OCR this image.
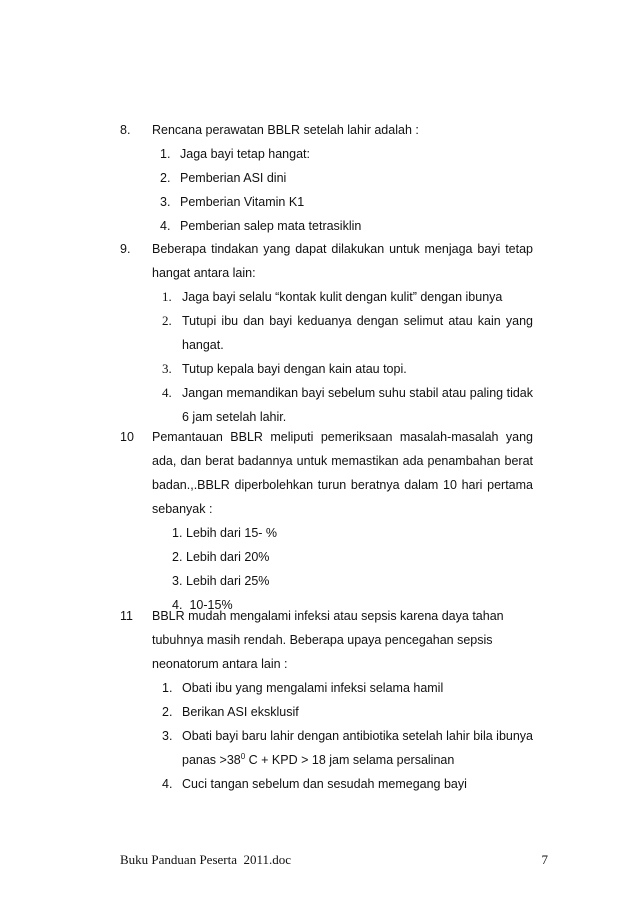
8. Rencana perawatan BBLR setelah lahir adalah :
1. Jaga bayi tetap hangat:
2. Pemberian ASI dini
3. Pemberian Vitamin K1
4. Pemberian salep mata tetrasiklin
9. Beberapa tindakan yang dapat dilakukan untuk menjaga bayi tetap
hangat antara lain:
1. Jaga bayi selalu “kontak kulit dengan kulit” dengan ibunya
2. Tutupi ibu dan bayi keduanya dengan selimut atau kain yang hangat.
3. Tutup kepala bayi dengan kain atau topi.
4. Jangan memandikan bayi sebelum suhu stabil atau paling tidak 6 jam setelah lahir.
10 Pemantauan BBLR meliputi pemeriksaan masalah-masalah yang ada, dan berat badannya untuk memastikan ada penambahan berat badan.,.BBLR diperbolehkan turun beratnya dalam 10 hari pertama sebanyak :
1. Lebih dari 15- %
2. Lebih dari 20%
3. Lebih dari 25%
4. 10-15%
11 BBLR mudah mengalami infeksi atau sepsis karena daya tahan
tubuhnya masih rendah. Beberapa upaya pencegahan sepsis
neonatorum antara lain :
1. Obati ibu yang mengalami infeksi selama hamil
2. Berikan ASI eksklusif
3. Obati bayi baru lahir dengan antibiotika setelah lahir bila ibunya
panas $>38^0$ C + KPD > 18 jam selama persalinan
4. Cuci tangan sebelum dan sesudah memegang bayi
Buku Panduan Peserta  2011.doc	7
